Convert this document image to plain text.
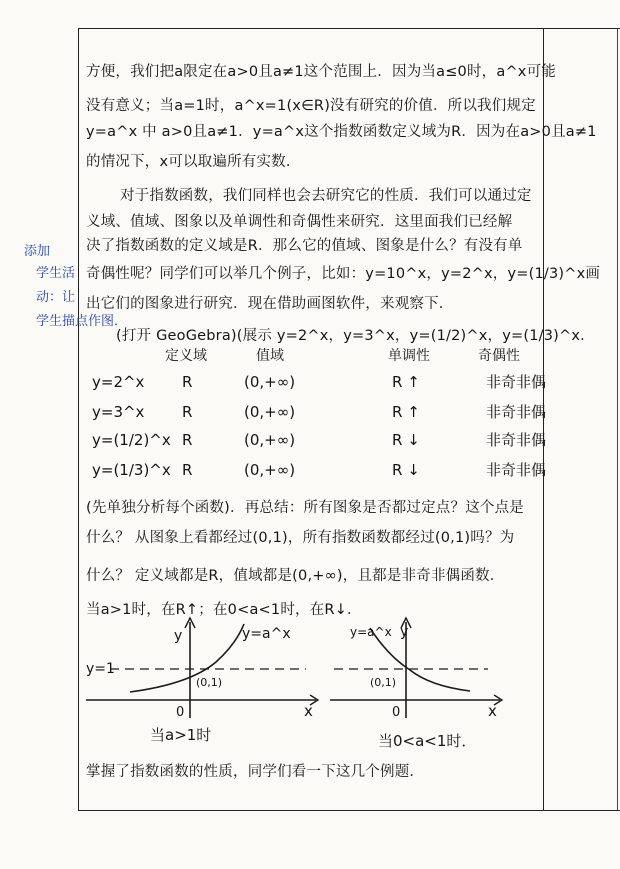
方便，我们把a限定在a>0且a≠1这个范围上．因为当a≤0时，a^x可能
没有意义；当a=1时，a^x=1(x∈R)没有研究的价值．所以我们规定
y=a^x 中 a>0且a≠1．y=a^x这个指数函数定义域为R．因为在a>0且a≠1
的情况下，x可以取遍所有实数．
对于指数函数，我们同样也会去研究它的性质．我们可以通过定
义域、值域、图象以及单调性和奇偶性来研究．这里面我们已经解
决了指数函数的定义域是R．那么它的值域、图象是什么？有没有单
奇偶性呢？同学们可以举几个例子，比如：y=10^x，y=2^x，y=(1/3)^x画
出它们的图象进行研究．现在借助画图软件，来观察下．
(打开 GeoGebra)(展示 y=2^x，y=3^x，y=(1/2)^x，y=(1/3)^x．
添加
学生活
动：让
学生描点作图．
定义域	值域	单调性	奇偶性
y=2^x	R	(0,+∞)	R ↑	非奇非偶
y=3^x	R	(0,+∞)	R ↑	非奇非偶
y=(1/2)^x R	(0,+∞)	R ↓	非奇非偶
y=(1/3)^x R	(0,+∞)	R ↓	非奇非偶
(先单独分析每个函数)．再总结：所有图象是否都过定点？这个点是
什么？ 从图象上看都经过(0,1)，所有指数函数都经过(0,1)吗？为
什么？ 定义域都是R，值域都是(0,+∞)，且都是非奇非偶函数．
当a>1时，在R↑；在0<a<1时，在R↓．
y	y=a^x
y=1
(0,1)
0	x
当a>1时
y
y=a^x
(0,1)
0	x
当0<a<1时．
掌握了指数函数的性质，同学们看一下这几个例题．
